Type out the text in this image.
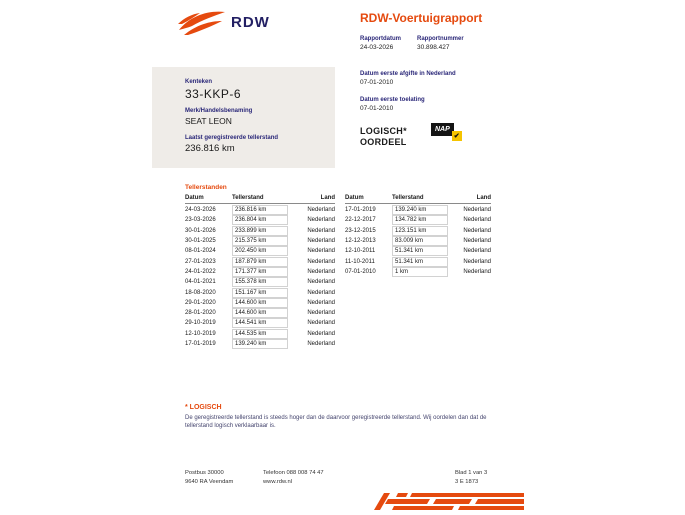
RDW	RDW-Voertuigrapport
Rapportdatum
24-03-2026
Rapportnummer
30.898.427
Kenteken
33-KKP-6
Merk/Handelsbenaming
SEAT LEON
Laatst geregistreerde tellerstand
236.816 km
Datum eerste afgifte in Nederland
07-01-2010
Datum eerste toelating
07-01-2010
LOGISCH*
OORDEEL
NAP
✔
Tellerstanden
Datum	Tellerstand	Land
24-03-2026	236.816 km	Nederland
23-03-2026	236.804 km	Nederland
30-01-2026	233.899 km	Nederland
30-01-2025	215.375 km	Nederland
08-01-2024	202.450 km	Nederland
27-01-2023	187.879 km	Nederland
24-01-2022	171.377 km	Nederland
04-01-2021	155.378 km	Nederland
18-08-2020	151.167 km	Nederland
29-01-2020	144.600 km	Nederland
28-01-2020	144.600 km	Nederland
29-10-2019	144.541 km	Nederland
12-10-2019	144.535 km	Nederland
17-01-2019	139.240 km	Nederland
Datum	Tellerstand	Land
17-01-2019	139.240 km	Nederland
22-12-2017	134.782 km	Nederland
23-12-2015	123.151 km	Nederland
12-12-2013	83.009 km	Nederland
12-10-2011	51.341 km	Nederland
11-10-2011	51.341 km	Nederland
07-01-2010	1 km	Nederland
* LOGISCH
De geregistreerde tellerstand is steeds hoger dan de daarvoor geregistreerde tellerstand. Wij oordelen dan dat de tellerstand logisch verklaarbaar is.
Postbus 30000
9640 RA Veendam
Telefoon 088 008 74 47
www.rdw.nl
Blad 1 van 3
3 E 1873
